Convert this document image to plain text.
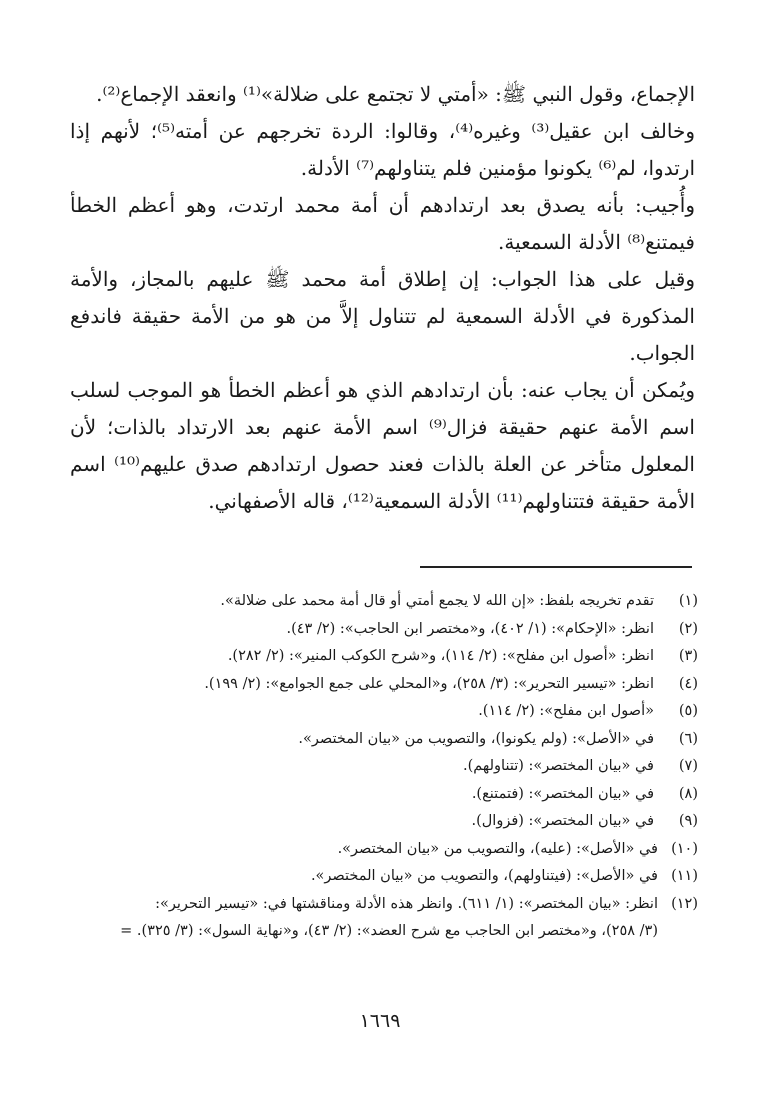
الإجماع، وقول النبي ﷺ: «أمتي لا تجتمع على ضلالة»⁽¹⁾ وانعقد الإجماع⁽²⁾.

وخالف ابن عقيل⁽³⁾ وغيره⁽⁴⁾، وقالوا: الردة تخرجهم عن أمته⁽⁵⁾؛ لأنهم إذا ارتدوا، لم⁽⁶⁾ يكونوا مؤمنين فلم يتناولهم⁽⁷⁾ الأدلة.

وأُجيب: بأنه يصدق بعد ارتدادهم أن أمة محمد ارتدت، وهو أعظم الخطأ فيمتنع⁽⁸⁾ الأدلة السمعية.

وقيل على هذا الجواب: إن إطلاق أمة محمد ﷺ عليهم بالمجاز، والأمة المذكورة في الأدلة السمعية لم تتناول إلاَّ من هو من الأمة حقيقة فاندفع الجواب.

ويُمكن أن يجاب عنه: بأن ارتدادهم الذي هو أعظم الخطأ هو الموجب لسلب اسم الأمة عنهم حقيقة فزال⁽⁹⁾ اسم الأمة عنهم بعد الارتداد بالذات؛ لأن المعلول متأخر عن العلة بالذات فعند حصول ارتدادهم صدق عليهم⁽¹⁰⁾ اسم الأمة حقيقة فتتناولهم⁽¹¹⁾ الأدلة السمعية⁽¹²⁾، قاله الأصفهاني.

(١)
تقدم تخريجه بلفظ: «إن الله لا يجمع أمتي أو قال أمة محمد على ضلالة».
(٢)
انظر: «الإحكام»: (١/ ٤٠٢)، و«مختصر ابن الحاجب»: (٢/ ٤٣).
(٣)
انظر: «أصول ابن مفلح»: (٢/ ١١٤)، و«شرح الكوكب المنير»: (٢/ ٢٨٢).
(٤)
انظر: «تيسير التحرير»: (٣/ ٢٥٨)، و«المحلي على جمع الجوامع»: (٢/ ١٩٩).
(٥)
«أصول ابن مفلح»: (٢/ ١١٤).
(٦)
في «الأصل»: (ولم يكونوا)، والتصويب من «بيان المختصر».
(٧)
في «بيان المختصر»: (تتناولهم).
(٨)
في «بيان المختصر»: (فتمتنع).
(٩)
في «بيان المختصر»: (فزوال).
(١٠)
في «الأصل»: (عليه)، والتصويب من «بيان المختصر».
(١١)
في «الأصل»: (فيتناولهم)، والتصويب من «بيان المختصر».
(١٢)
انظر: «بيان المختصر»: (١/ ٦١١). وانظر هذه الأدلة ومناقشتها في: «تيسير التحرير»:
(٣/ ٢٥٨)، و«مختصر ابن الحاجب مع شرح العضد»: (٢/ ٤٣)، و«نهاية السول»: (٣/ ٣٢٥). =
١٦٦٩
